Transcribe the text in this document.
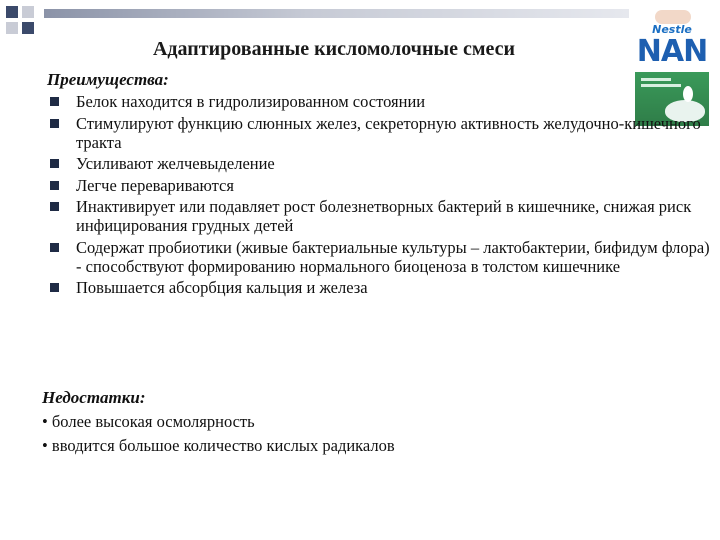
Адаптированные кисломолочные смеси
Nestle
NAN
Преимущества:
Белок находится в гидролизированном состоянии
Стимулируют функцию слюнных желез, секреторную активность желудочно-кишечного тракта
Усиливают желчевыделение
Легче перевариваются
Инактивирует или подавляет рост болезнетворных бактерий в кишечнике, снижая риск инфицирования грудных детей
Содержат пробиотики (живые бактериальные культуры – лактобактерии, бифидум флора) - способствуют формированию нормального биоценоза в толстом кишечнике
Повышается абсорбция кальция и железа
Недостатки:
• более высокая осмолярность
• вводится большое количество кислых радикалов
